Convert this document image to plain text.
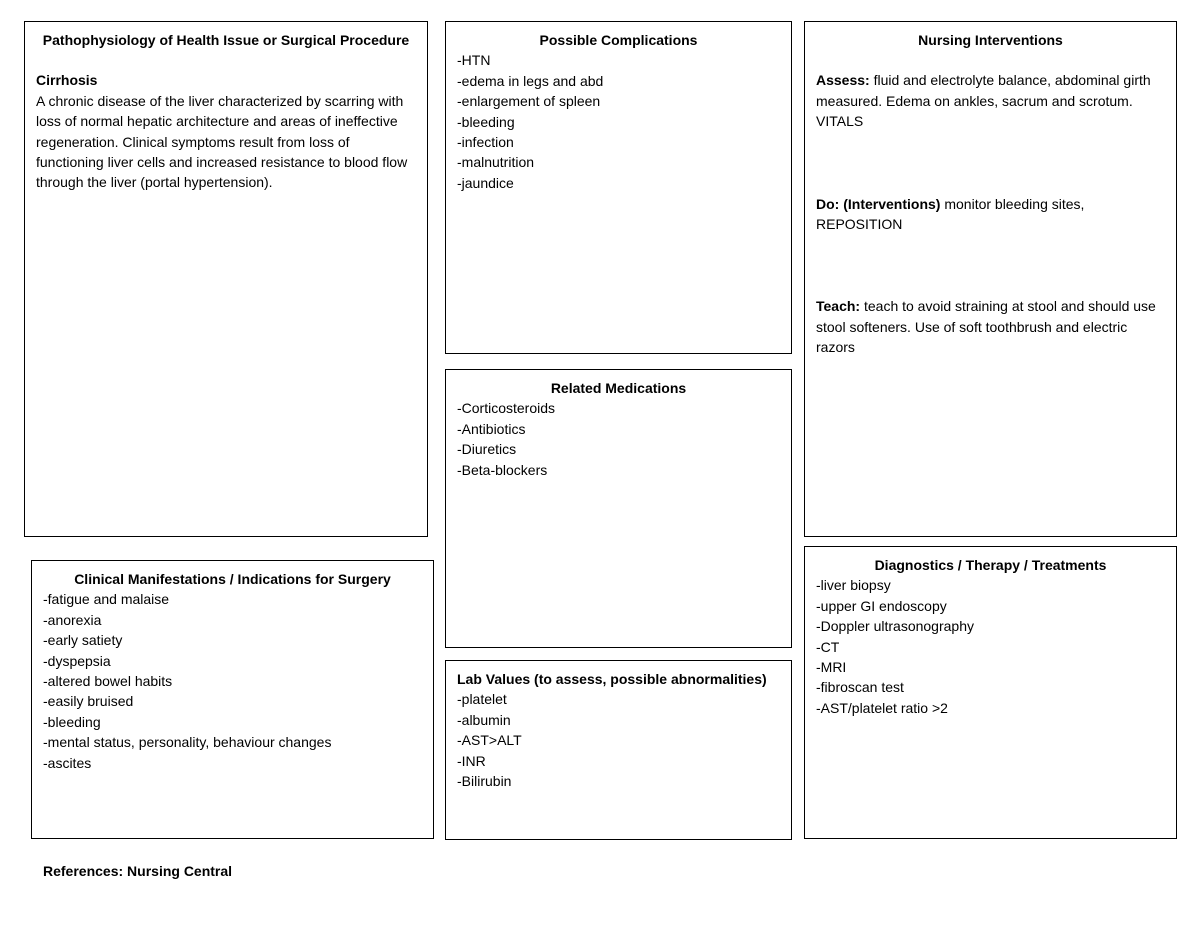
Pathophysiology of Health Issue or Surgical Procedure
Cirrhosis
A chronic disease of the liver characterized by scarring with loss of normal hepatic architecture and areas of ineffective regeneration. Clinical symptoms result from loss of functioning liver cells and increased resistance to blood flow through the liver (portal hypertension).
Possible Complications
-HTN
-edema in legs and abd
-enlargement of spleen
-bleeding
-infection
-malnutrition
-jaundice
Nursing Interventions
Assess: fluid and electrolyte balance, abdominal girth measured. Edema on ankles, sacrum and scrotum. VITALS
Do: (Interventions) monitor bleeding sites, REPOSITION
Teach: teach to avoid straining at stool and should use stool softeners. Use of soft toothbrush and electric razors
Related Medications
-Corticosteroids
-Antibiotics
-Diuretics
-Beta-blockers
Clinical Manifestations / Indications for Surgery
-fatigue and malaise
-anorexia
-early satiety
-dyspepsia
-altered bowel habits
-easily bruised
-bleeding
-mental status, personality, behaviour changes
-ascites
Lab Values (to assess, possible abnormalities)
-platelet
-albumin
-AST>ALT
-INR
-Bilirubin
Diagnostics / Therapy / Treatments
-liver biopsy
-upper GI endoscopy
-Doppler ultrasonography
-CT
-MRI
-fibroscan test
-AST/platelet ratio >2
References: Nursing Central
